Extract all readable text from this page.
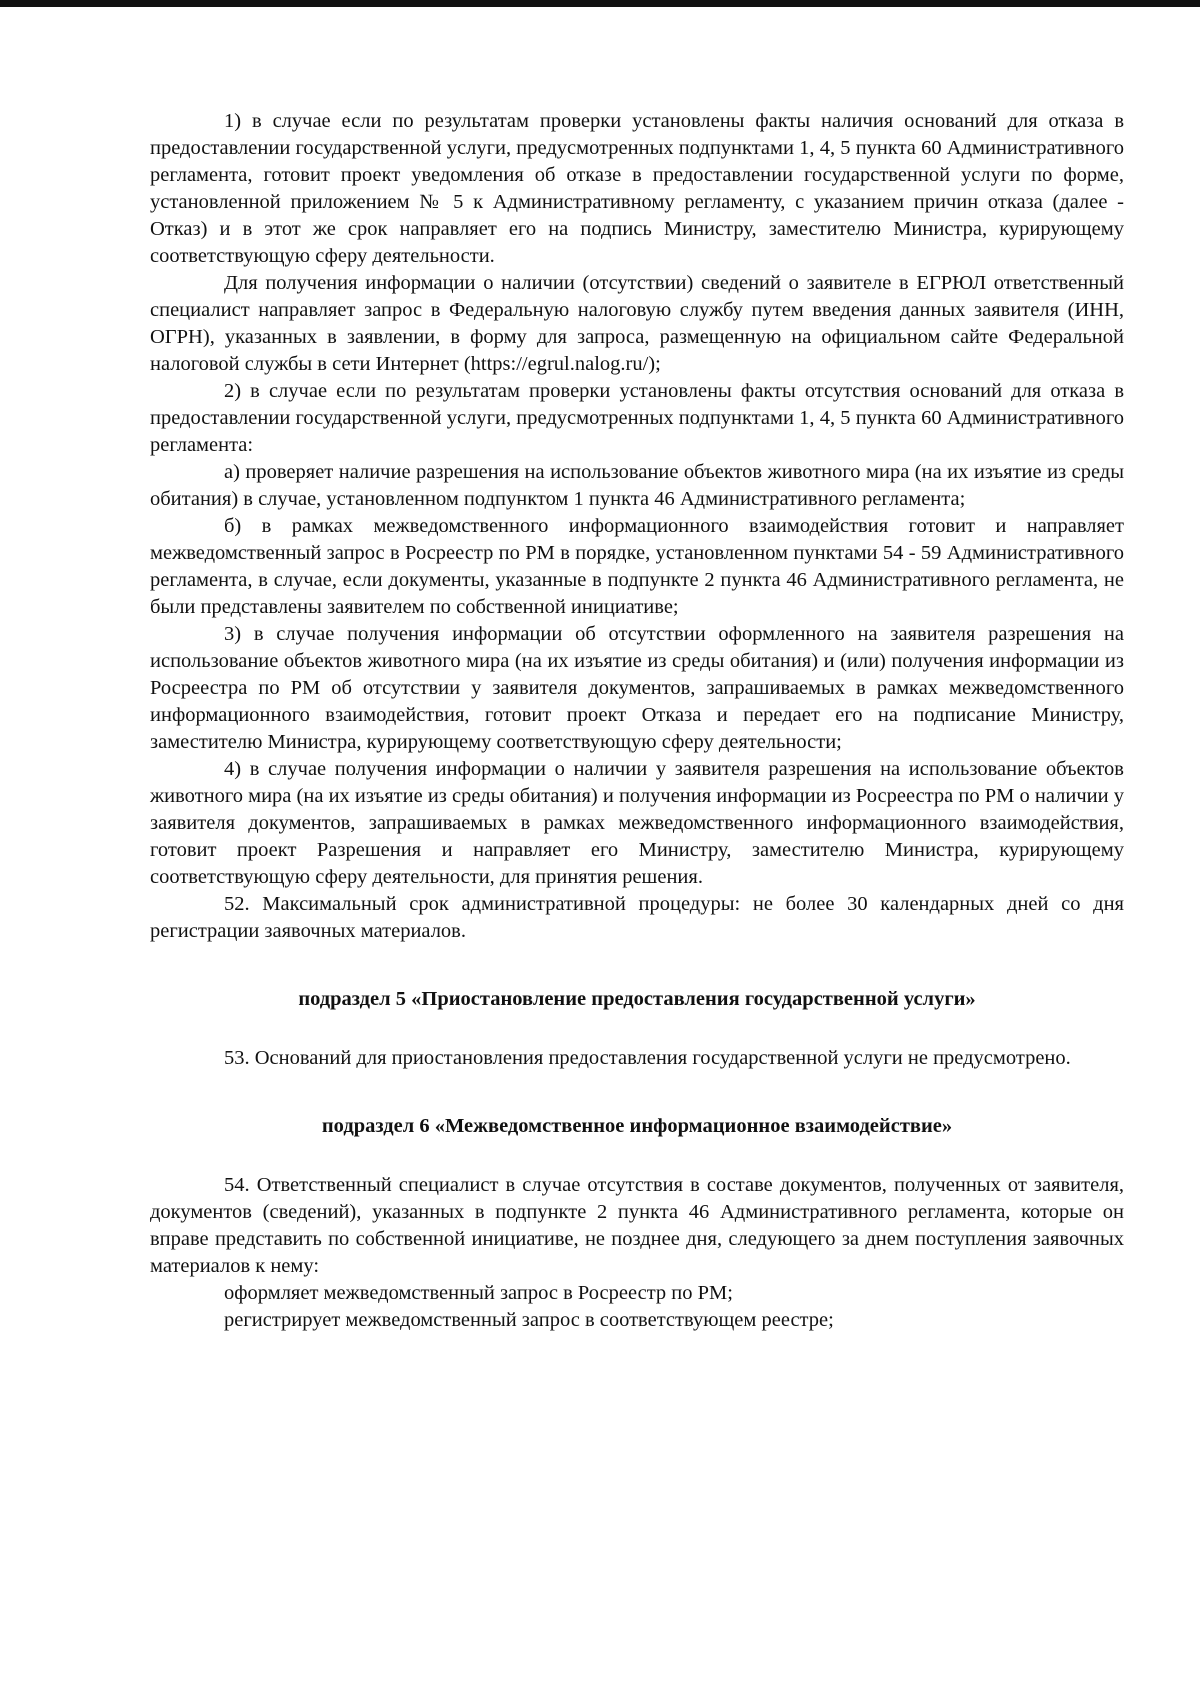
1) в случае если по результатам проверки установлены факты наличия оснований для отказа в предоставлении государственной услуги, предусмотренных подпунктами 1, 4, 5 пункта 60 Административного регламента, готовит проект уведомления об отказе в предоставлении государственной услуги по форме, установленной приложением № 5 к Административному регламенту, с указанием причин отказа (далее - Отказ) и в этот же срок направляет его на подпись Министру, заместителю Министра, курирующему соответствующую сферу деятельности.

Для получения информации о наличии (отсутствии) сведений о заявителе в ЕГРЮЛ ответственный специалист направляет запрос в Федеральную налоговую службу путем введения данных заявителя (ИНН, ОГРН), указанных в заявлении, в форму для запроса, размещенную на официальном сайте Федеральной налоговой службы в сети Интернет (https://egrul.nalog.ru/);

2) в случае если по результатам проверки установлены факты отсутствия оснований для отказа в предоставлении государственной услуги, предусмотренных подпунктами 1, 4, 5 пункта 60 Административного регламента:

а) проверяет наличие разрешения на использование объектов животного мира (на их изъятие из среды обитания) в случае, установленном подпунктом 1 пункта 46 Административного регламента;

б) в рамках межведомственного информационного взаимодействия готовит и направляет межведомственный запрос в Росреестр по РМ в порядке, установленном пунктами 54 - 59 Административного регламента, в случае, если документы, указанные в подпункте 2 пункта 46 Административного регламента, не были представлены заявителем по собственной инициативе;

3) в случае получения информации об отсутствии оформленного на заявителя разрешения на использование объектов животного мира (на их изъятие из среды обитания) и (или) получения информации из Росреестра по РМ об отсутствии у заявителя документов, запрашиваемых в рамках межведомственного информационного взаимодействия, готовит проект Отказа и передает его на подписание Министру, заместителю Министра, курирующему соответствующую сферу деятельности;

4) в случае получения информации о наличии у заявителя разрешения на использование объектов животного мира (на их изъятие из среды обитания) и получения информации из Росреестра по РМ о наличии у заявителя документов, запрашиваемых в рамках межведомственного информационного взаимодействия, готовит проект Разрешения и направляет его Министру, заместителю Министра, курирующему соответствующую сферу деятельности, для принятия решения.

52. Максимальный срок административной процедуры: не более 30 календарных дней со дня регистрации заявочных материалов.

подраздел 5 «Приостановление предоставления государственной услуги»

53. Оснований для приостановления предоставления государственной услуги не предусмотрено.

подраздел 6 «Межведомственное информационное взаимодействие»

54. Ответственный специалист в случае отсутствия в составе документов, полученных от заявителя, документов (сведений), указанных в подпункте 2 пункта 46 Административного регламента, которые он вправе представить по собственной инициативе, не позднее дня, следующего за днем поступления заявочных материалов к нему:

оформляет межведомственный запрос в Росреестр по РМ;

регистрирует межведомственный запрос в соответствующем реестре;
